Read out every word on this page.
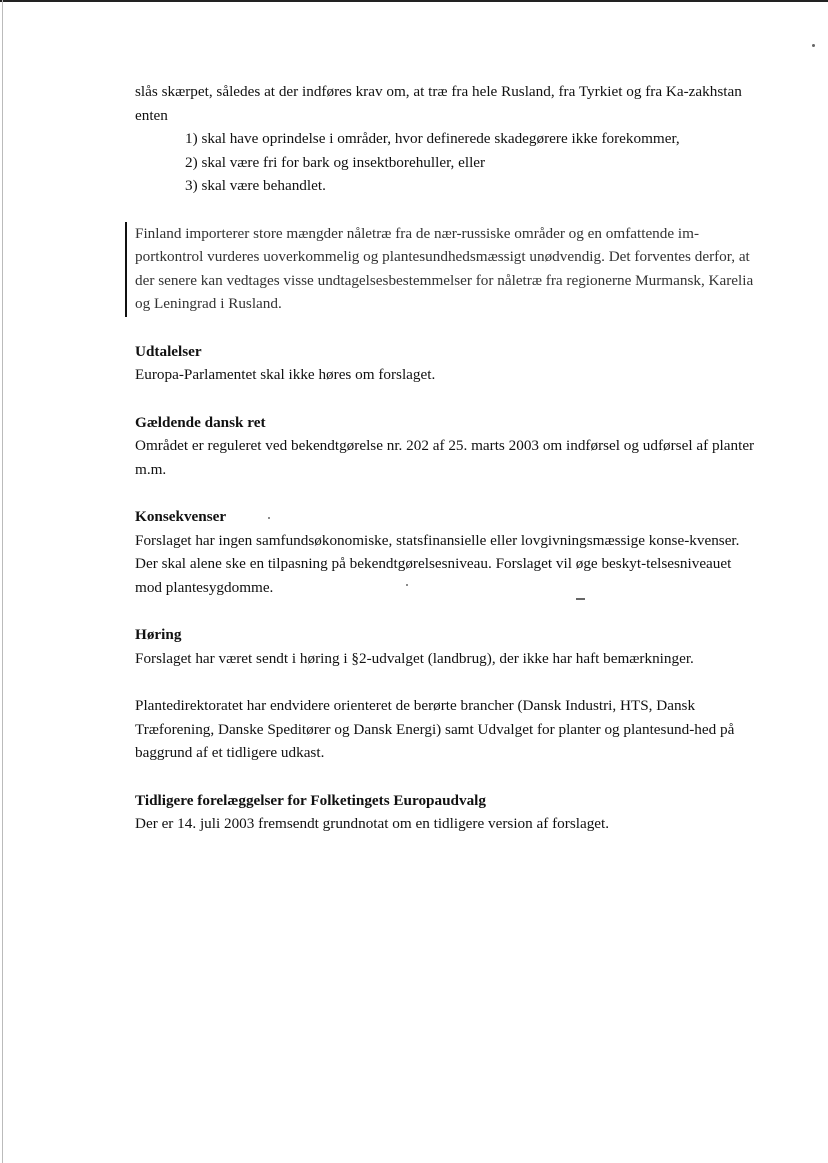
slås skærpet, således at der indføres krav om, at træ fra hele Rusland, fra Tyrkiet og fra Ka-zakhstan enten

1) skal have oprindelse i områder, hvor definerede skadegørere ikke forekommer,
2) skal være fri for bark og insektborehuller, eller
3) skal være behandlet.

Finland importerer store mængder nåletræ fra de nær-russiske områder og en omfattende im-portkontrol vurderes uoverkommelig og plantesundhedsmæssigt unødvendig. Det forventes derfor, at der senere kan vedtages visse undtagelsesbestemmelser for nåletræ fra regionerne Murmansk, Karelia og Leningrad i Rusland.

Udtalelser

Europa-Parlamentet skal ikke høres om forslaget.

Gældende dansk ret

Området er reguleret ved bekendtgørelse nr. 202 af 25. marts 2003 om indførsel og udførsel af planter m.m.

Konsekvenser

Forslaget har ingen samfundsøkonomiske, statsfinansielle eller lovgivningsmæssige konse-kvenser. Der skal alene ske en tilpasning på bekendtgørelsesniveau. Forslaget vil øge beskyt-telsesniveauet mod plantesygdomme.

Høring

Forslaget har været sendt i høring i §2-udvalget (landbrug), der ikke har haft bemærkninger.

Plantedirektoratet har endvidere orienteret de berørte brancher (Dansk Industri, HTS, Dansk Træforening, Danske Speditører og Dansk Energi) samt Udvalget for planter og plantesund-hed på baggrund af et tidligere udkast.

Tidligere forelæggelser for Folketingets Europaudvalg

Der er 14. juli 2003 fremsendt grundnotat om en tidligere version af forslaget.
